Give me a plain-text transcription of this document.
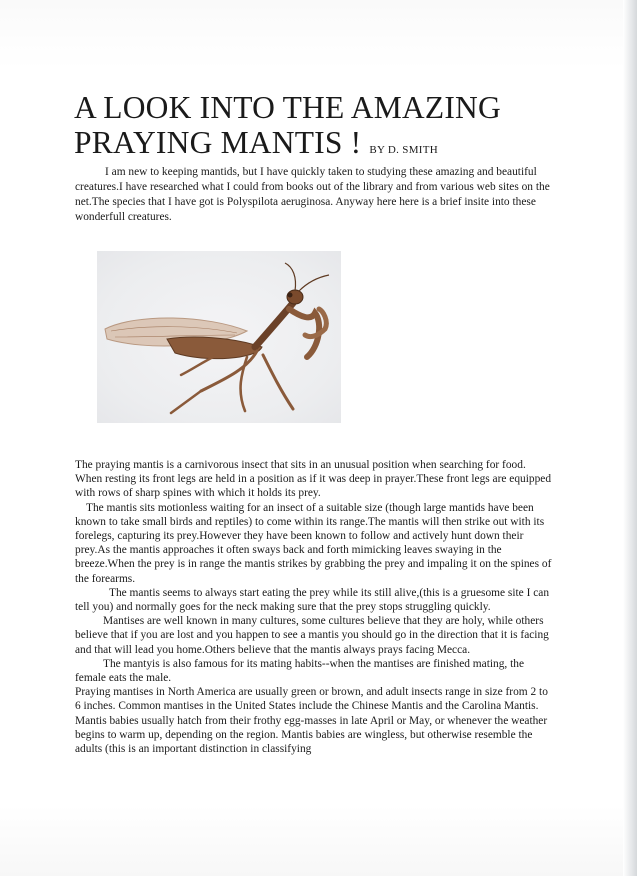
A LOOK INTO THE AMAZING PRAYING MANTIS ! BY D. SMITH

I am new to keeping mantids, but I have quickly taken to studying these amazing and beautiful creatures.I have researched what I could from books out of the library and from various web sites on the net.The species that I have got is Polyspilota aeruginosa. Anyway here here is a brief insite into these wonderfull creatures.

The praying mantis is a carnivorous insect that sits in an unusual position when searching for food. When resting its front legs are held in a position as if it was deep in prayer.These front legs are equipped with rows of sharp spines with which it holds its prey.

The mantis sits motionless waiting for an insect of a suitable size (though large mantids have been known to take small birds and reptiles) to come within its range.The mantis will then strike out with its forelegs, capturing its prey.However they have been known to follow and actively hunt down their prey.As the mantis approaches it often sways back and forth mimicking leaves swaying in the breeze.When the prey is in range the mantis strikes by grabbing the prey and impaling it on the spines of the forearms.

The mantis seems to always start eating the prey while its still alive,(this is a gruesome site I can tell you) and normally goes for the neck making sure that the prey stops struggling quickly.

Mantises are well known in many cultures, some cultures believe that they are holy, while others believe that if you are lost and you happen to see a mantis you should go in the direction that it is facing and that will lead you home.Others believe that the mantis always prays facing Mecca.

The mantyis is also famous for its mating habits--when the mantises are finished mating, the female eats the male.

Praying mantises in North America are usually green or brown, and adult insects range in size from 2 to 6 inches. Common mantises in the United States include the Chinese Mantis and the Carolina Mantis. Mantis babies usually hatch from their frothy egg-masses in late April or May, or whenever the weather begins to warm up, depending on the region. Mantis babies are wingless, but otherwise resemble the adults (this is an important distinction in classifying
